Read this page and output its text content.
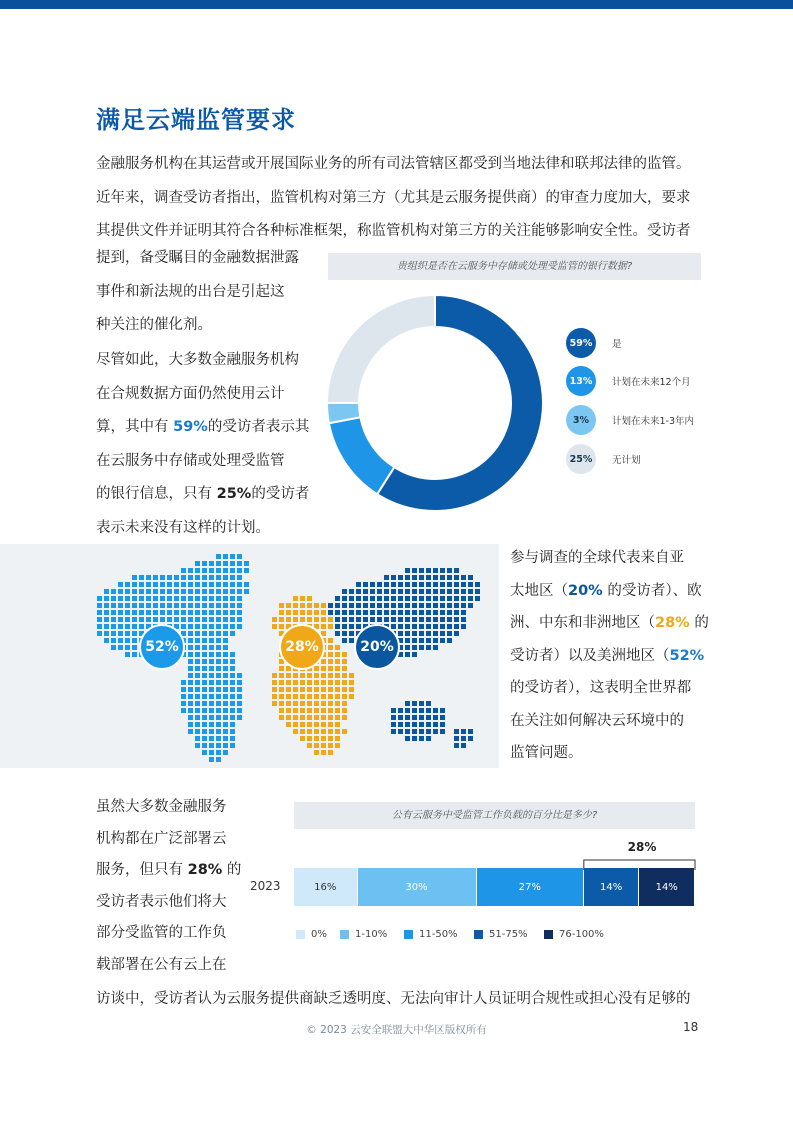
满足云端监管要求
金融服务机构在其运营或开展国际业务的所有司法管辖区都受到当地法律和联邦法律的监管。
近年来，调查受访者指出，监管机构对第三方（尤其是云服务提供商）的审查力度加大，要求
其提供文件并证明其符合各种标准框架，称监管机构对第三方的关注能够影响安全性。受访者
提到，备受瞩目的金融数据泄露
事件和新法规的出台是引起这
种关注的催化剂。
尽管如此，大多数金融服务机构
在合规数据方面仍然使用云计
算，其中有 59%的受访者表示其
在云服务中存储或处理受监管
的银行信息，只有 25%的受访者
表示未来没有这样的计划。
贵组织是否在云服务中存储或处理受监管的银行数据?
59%	是
13%	计划在未来12个月
3%	计划在未来1-3年内
25%	无计划
52%	28%	20%
参与调查的全球代表来自亚
太地区（20% 的受访者）、欧
洲、中东和非洲地区（28% 的
受访者）以及美洲地区（52%
的受访者），这表明全世界都
在关注如何解决云环境中的
监管问题。
虽然大多数金融服务
机构都在广泛部署云
服务，但只有 28% 的
受访者表示他们将大
部分受监管的工作负
载部署在公有云上在
公有云服务中受监管工作负载的百分比是多少?
2023
28%
16%	30%	27%	14%	14%
0%	1-10%	11-50%	51-75%	76-100%
访谈中，受访者认为云服务提供商缺乏透明度、无法向审计人员证明合规性或担心没有足够的
© 2023 云安全联盟大中华区版权所有	18
